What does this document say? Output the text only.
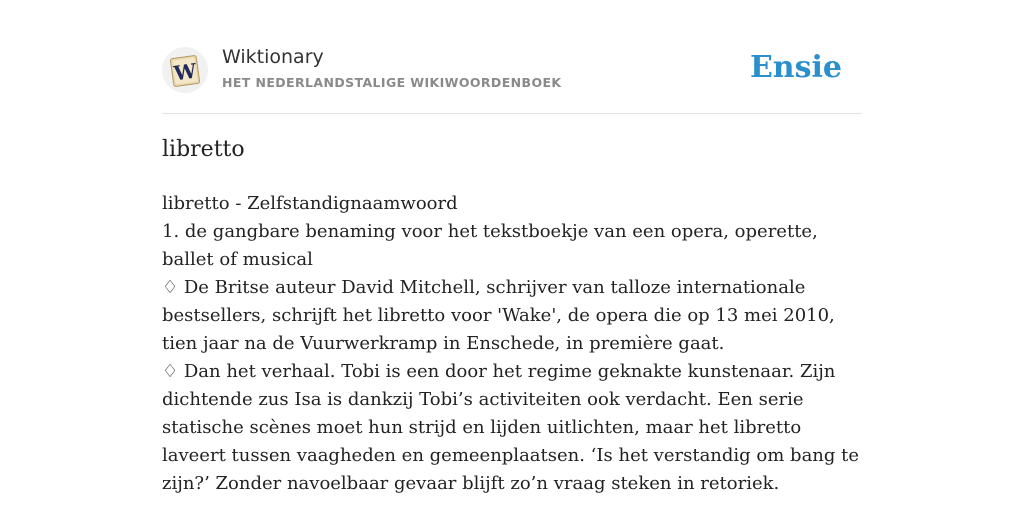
W
Wiktionary
HET NEDERLANDSTALIGE WIKIWOORDENBOEK	Ensie
libretto

libretto - Zelfstandignaamwoord

1. de gangbare benaming voor het tekstboekje van een opera, operette, ballet of musical

♢ De Britse auteur David Mitchell, schrijver van talloze internationale bestsellers, schrijft het libretto voor 'Wake', de opera die op 13 mei 2010, tien jaar na de Vuurwerkramp in Enschede, in première gaat.

♢ Dan het verhaal. Tobi is een door het regime geknakte kunstenaar. Zijn dichtende zus Isa is dankzij Tobi’s activiteiten ook verdacht. Een serie statische scènes moet hun strijd en lijden uitlichten, maar het libretto laveert tussen vaagheden en gemeenplaatsen. ‘Is het verstandig om bang te zijn?’ Zonder navoelbaar gevaar blijft zo’n vraag steken in retoriek.
